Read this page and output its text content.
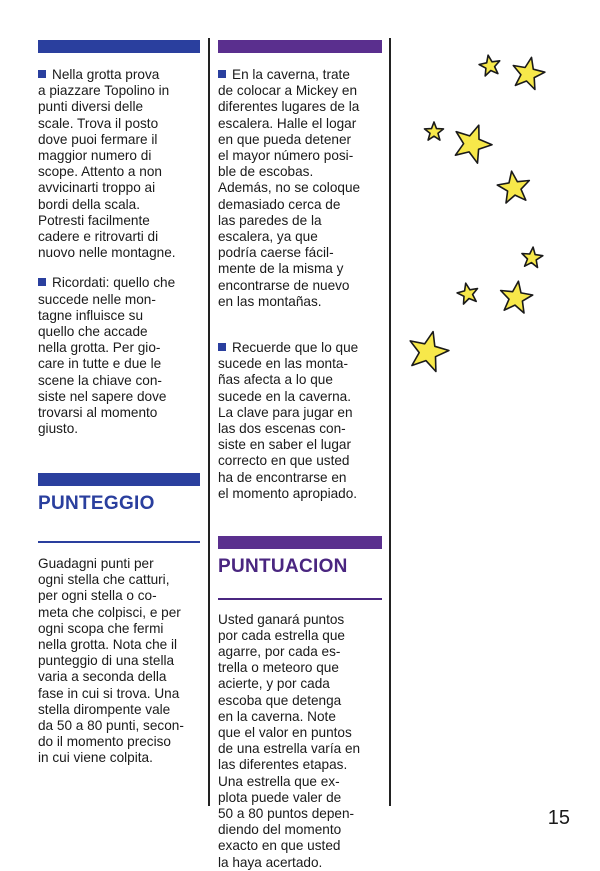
Nella grotta prova
a piazzare Topolino in
punti diversi delle
scale. Trova il posto
dove puoi fermare il
maggior numero di
scope. Attento a non
avvicinarti troppo ai
bordi della scala.
Potresti facilmente
cadere e ritrovarti di
nuovo nelle montagne.

Ricordati: quello che
succede nelle mon-
tagne influisce su
quello che accade
nella grotta. Per gio-
care in tutte e due le
scene la chiave con-
siste nel sapere dove
trovarsi al momento
giusto.

PUNTEGGIO

Guadagni punti per
ogni stella che catturi,
per ogni stella o co-
meta che colpisci, e per
ogni scopa che fermi
nella grotta. Nota che il
punteggio di una stella
varia a seconda della
fase in cui si trova. Una
stella dirompente vale
da 50 a 80 punti, secon-
do il momento preciso
in cui viene colpita.

En la caverna, trate
de colocar a Mickey en
diferentes lugares de la
escalera. Halle el logar
en que pueda detener
el mayor número posi-
ble de escobas.
Además, no se coloque
demasiado cerca de
las paredes de la
escalera, ya que
podría caerse fácil-
mente de la misma y
encontrarse de nuevo
en las montañas.

Recuerde que lo que
sucede en las monta-
ñas afecta a lo que
sucede en la caverna.
La clave para jugar en
las dos escenas con-
siste en saber el lugar
correcto en que usted
ha de encontrarse en
el momento apropiado.

PUNTUACION

Usted ganará puntos
por cada estrella que
agarre, por cada es-
trella o meteoro que
acierte, y por cada
escoba que detenga
en la caverna. Note
que el valor en puntos
de una estrella varía en
las diferentes etapas.
Una estrella que ex-
plota puede valer de
50 a 80 puntos depen-
diendo del momento
exacto en que usted
la haya acertado.

15
